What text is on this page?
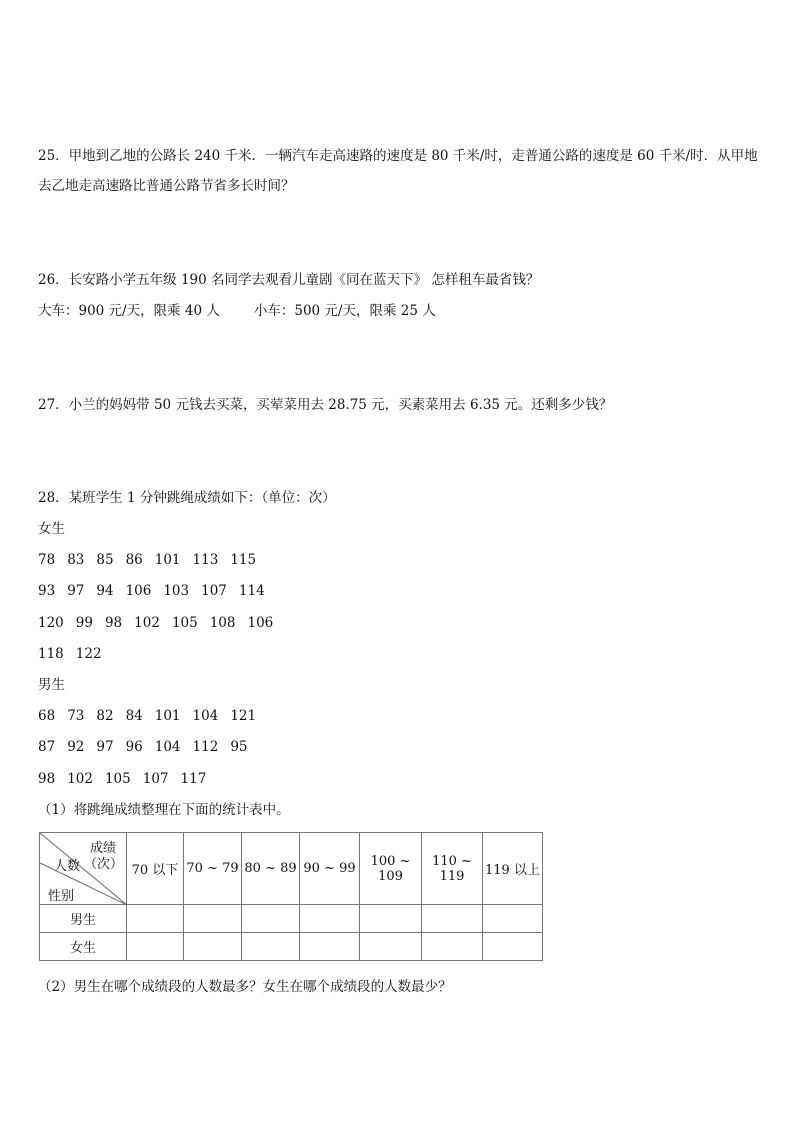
25．甲地到乙地的公路长 240 千米．一辆汽车走高速路的速度是 80 千米/时，走普通公路的速度是 60 千米/时．从甲地
去乙地走高速路比普通公路节省多长时间？
26．长安路小学五年级 190 名同学去观看儿童剧《同在蓝天下》 怎样租车最省钱？
大车：900 元/天，限乘 40 人	小车：500 元/天，限乘 25 人
27．小兰的妈妈带 50 元钱去买菜，买荤菜用去 28.75 元，买素菜用去 6.35 元。还剩多少钱？
28．某班学生 1 分钟跳绳成绩如下：（单位：次）
女生
78 83 85 86 101 113 115
93 97 94 106 103 107 114
120 99 98 102 105 108 106
118 122
男生
68 73 82 84 101 104 121
87 92 97 96 104 112 95
98 102 105 107 117
（1）将跳绳成绩整理在下面的统计表中。
成绩
（次）
人数
性别	70 以下	70 ~ 79	80 ~ 89	90 ~ 99	100 ~ 109	110 ~ 119	119 以上
男生							
女生							
（2）男生在哪个成绩段的人数最多？女生在哪个成绩段的人数最少？
